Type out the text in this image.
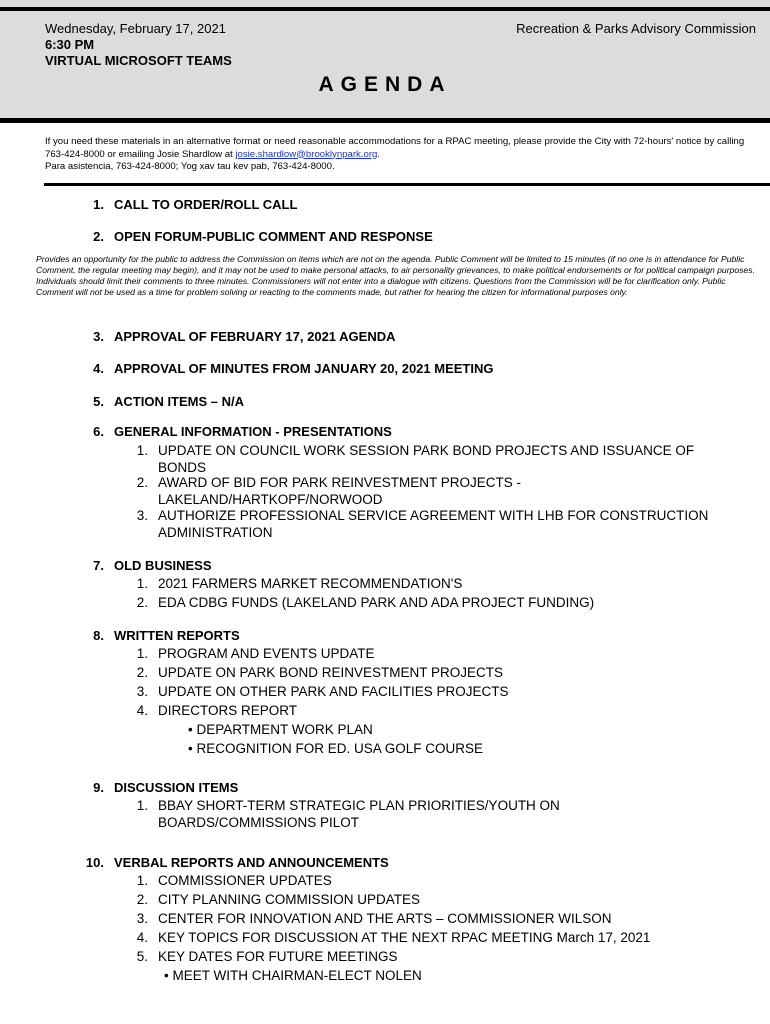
Wednesday, February 17, 2021
6:30 PM
VIRTUAL MICROSOFT TEAMS
Recreation & Parks Advisory Commission
AGENDA
If you need these materials in an alternative format or need reasonable accommodations for a RPAC meeting, please provide the City with 72-hours' notice by calling 763-424-8000 or emailing Josie Shardlow at josie.shardlow@brooklynpark.org.
Para asistencia, 763-424-8000; Yog xav tau kev pab, 763-424-8000.
1. CALL TO ORDER/ROLL CALL
2. OPEN FORUM-PUBLIC COMMENT AND RESPONSE
Provides an opportunity for the public to address the Commission on items which are not on the agenda. Public Comment will be limited to 15 minutes (if no one is in attendance for Public Comment, the regular meeting may begin), and it may not be used to make personal attacks, to air personality grievances, to make political endorsements or for political campaign purposes. Individuals should limit their comments to three minutes. Commissioners will not enter into a dialogue with citizens. Questions from the Commission will be for clarification only. Public Comment will not be used as a time for problem solving or reacting to the comments made, but rather for hearing the citizen for informational purposes only.
3. APPROVAL OF FEBRUARY 17, 2021 AGENDA
4. APPROVAL OF MINUTES FROM JANUARY 20, 2021 MEETING
5. ACTION ITEMS – N/A
6. GENERAL INFORMATION - PRESENTATIONS
1. UPDATE ON COUNCIL WORK SESSION PARK BOND PROJECTS AND ISSUANCE OF BONDS
2. AWARD OF BID FOR PARK REINVESTMENT PROJECTS - LAKELAND/HARTKOPF/NORWOOD
3. AUTHORIZE PROFESSIONAL SERVICE AGREEMENT WITH LHB FOR CONSTRUCTION ADMINISTRATION
7. OLD BUSINESS
1. 2021 FARMERS MARKET RECOMMENDATION'S
2. EDA CDBG FUNDS (LAKELAND PARK AND ADA PROJECT FUNDING)
8. WRITTEN REPORTS
1. PROGRAM AND EVENTS UPDATE
2. UPDATE ON PARK BOND REINVESTMENT PROJECTS
3. UPDATE ON OTHER PARK AND FACILITIES PROJECTS
4. DIRECTORS REPORT
• DEPARTMENT WORK PLAN
• RECOGNITION FOR ED. USA GOLF COURSE
9. DISCUSSION ITEMS
1. BBAY SHORT-TERM STRATEGIC PLAN PRIORITIES/YOUTH ON BOARDS/COMMISSIONS PILOT
10. VERBAL REPORTS AND ANNOUNCEMENTS
1. COMMISSIONER UPDATES
2. CITY PLANNING COMMISSION UPDATES
3. CENTER FOR INNOVATION AND THE ARTS – COMMISSIONER WILSON
4. KEY TOPICS FOR DISCUSSION AT THE NEXT RPAC MEETING March 17, 2021
5. KEY DATES FOR FUTURE MEETINGS
• MEET WITH CHAIRMAN-ELECT NOLEN
